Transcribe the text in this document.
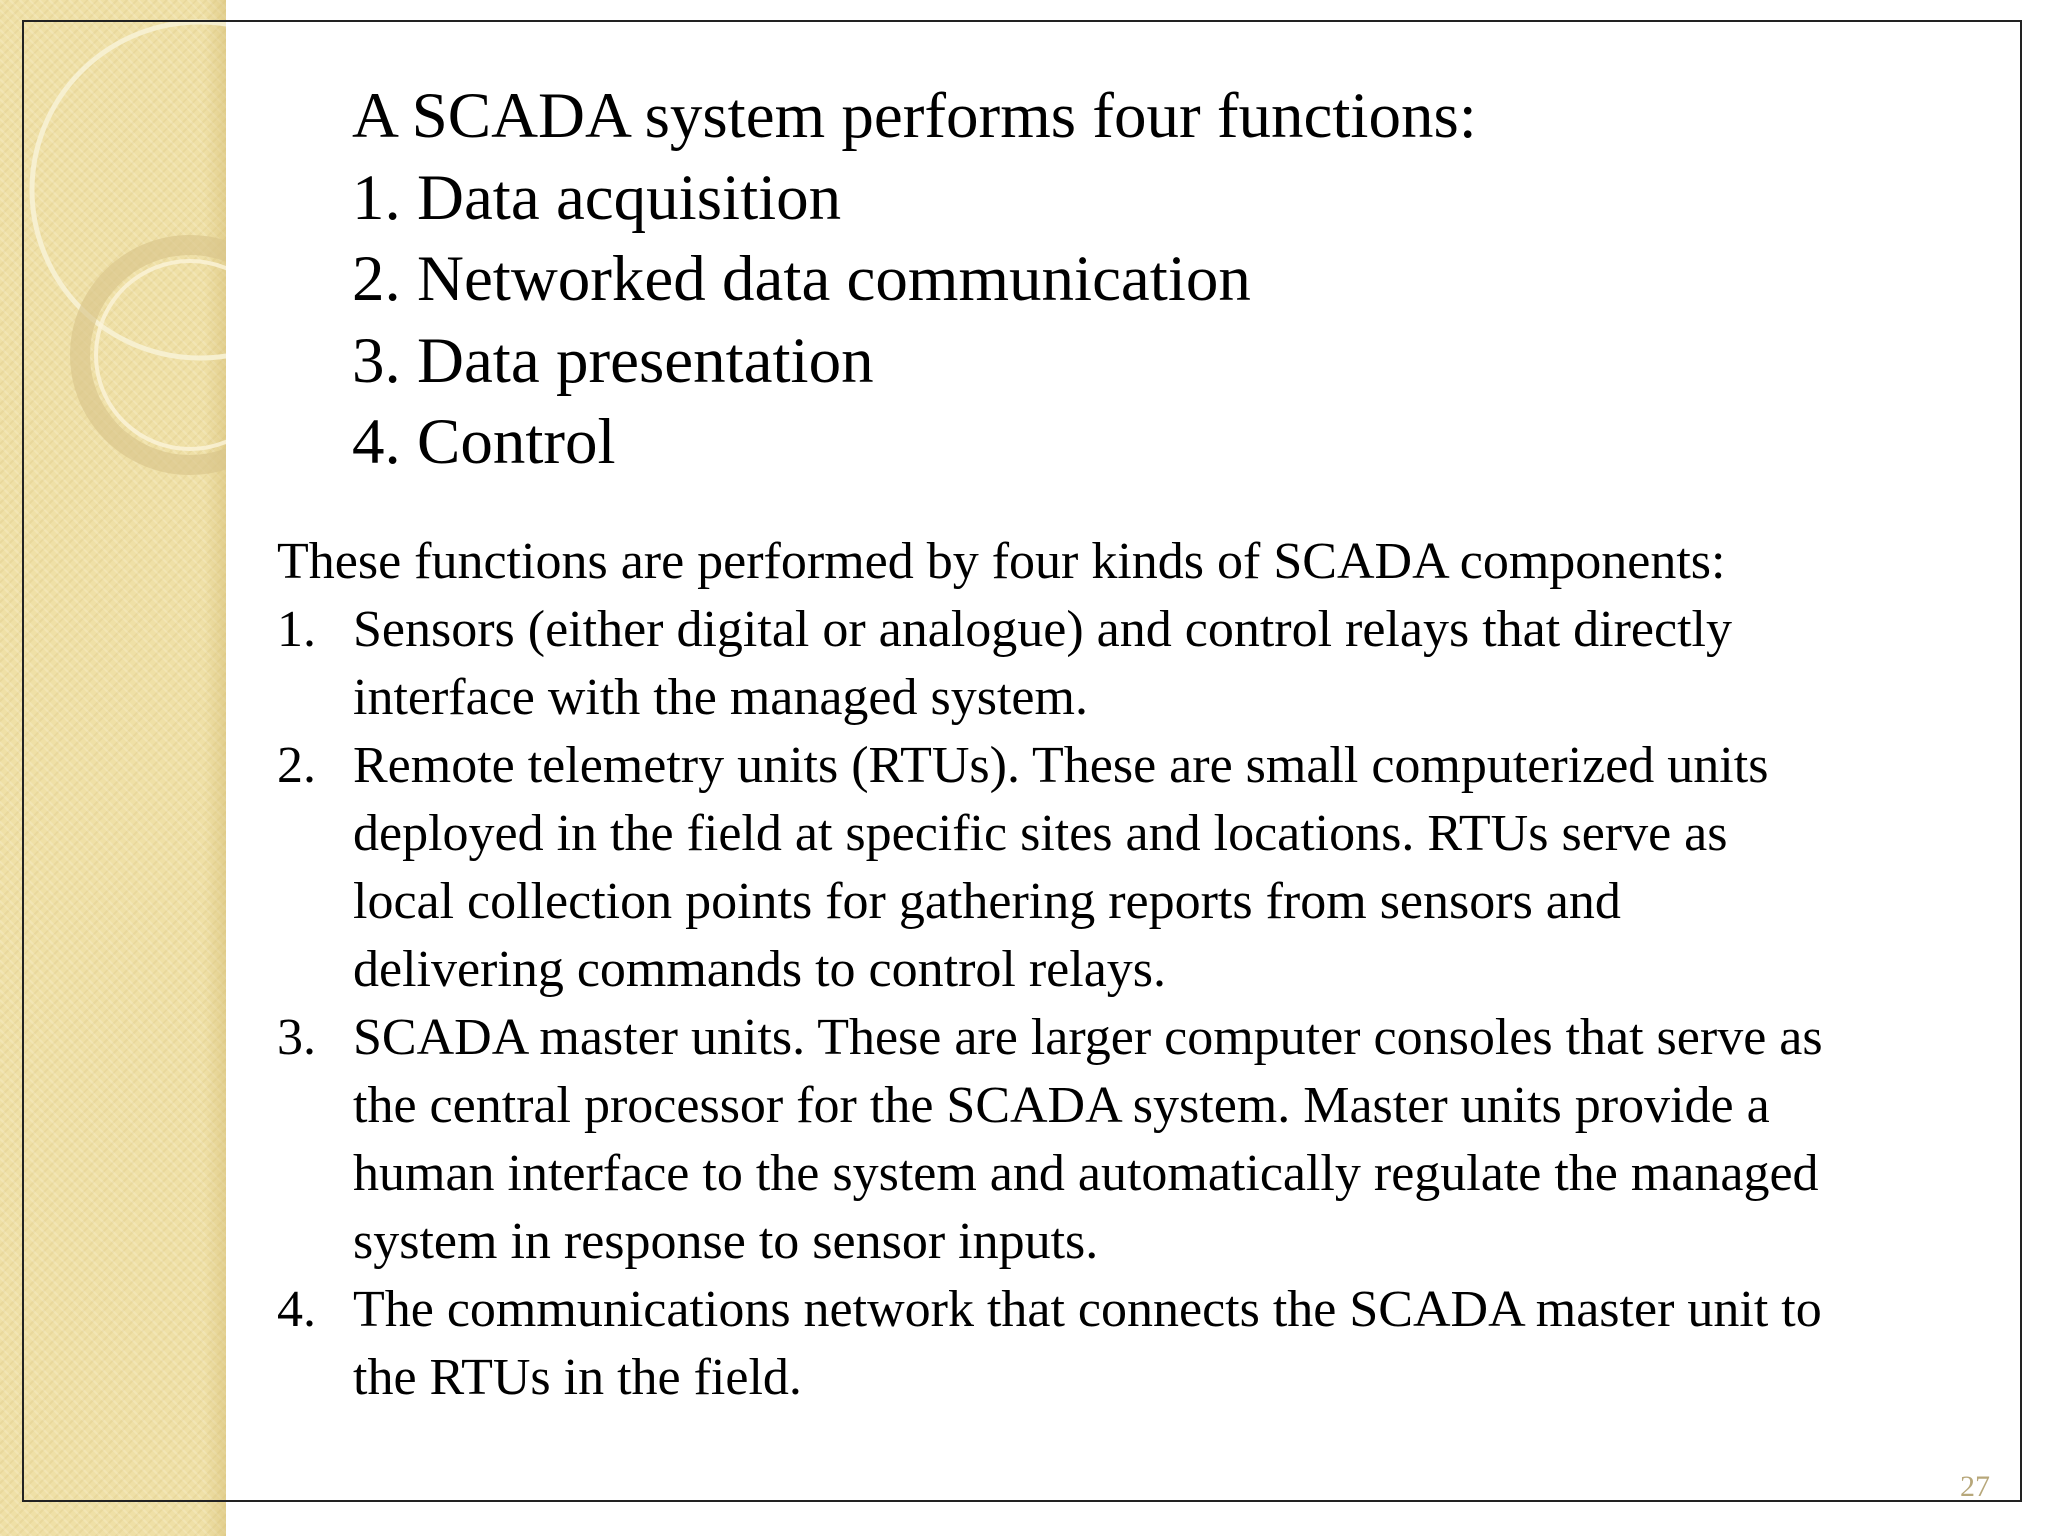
A SCADA system performs four functions:
1. Data acquisition
2. Networked data communication
3. Data presentation
4. Control
These functions are performed by four kinds of SCADA components:
1. Sensors (either digital or analogue) and control relays that directly
interface with the managed system.
2. Remote telemetry units (RTUs). These are small computerized units
deployed in the field at specific sites and locations. RTUs serve as
local collection points for gathering reports from sensors and
delivering commands to control relays.
3. SCADA master units. These are larger computer consoles that serve as
the central processor for the SCADA system. Master units provide a
human interface to the system and automatically regulate the managed
system in response to sensor inputs.
4. The communications network that connects the SCADA master unit to
the RTUs in the field.
27
